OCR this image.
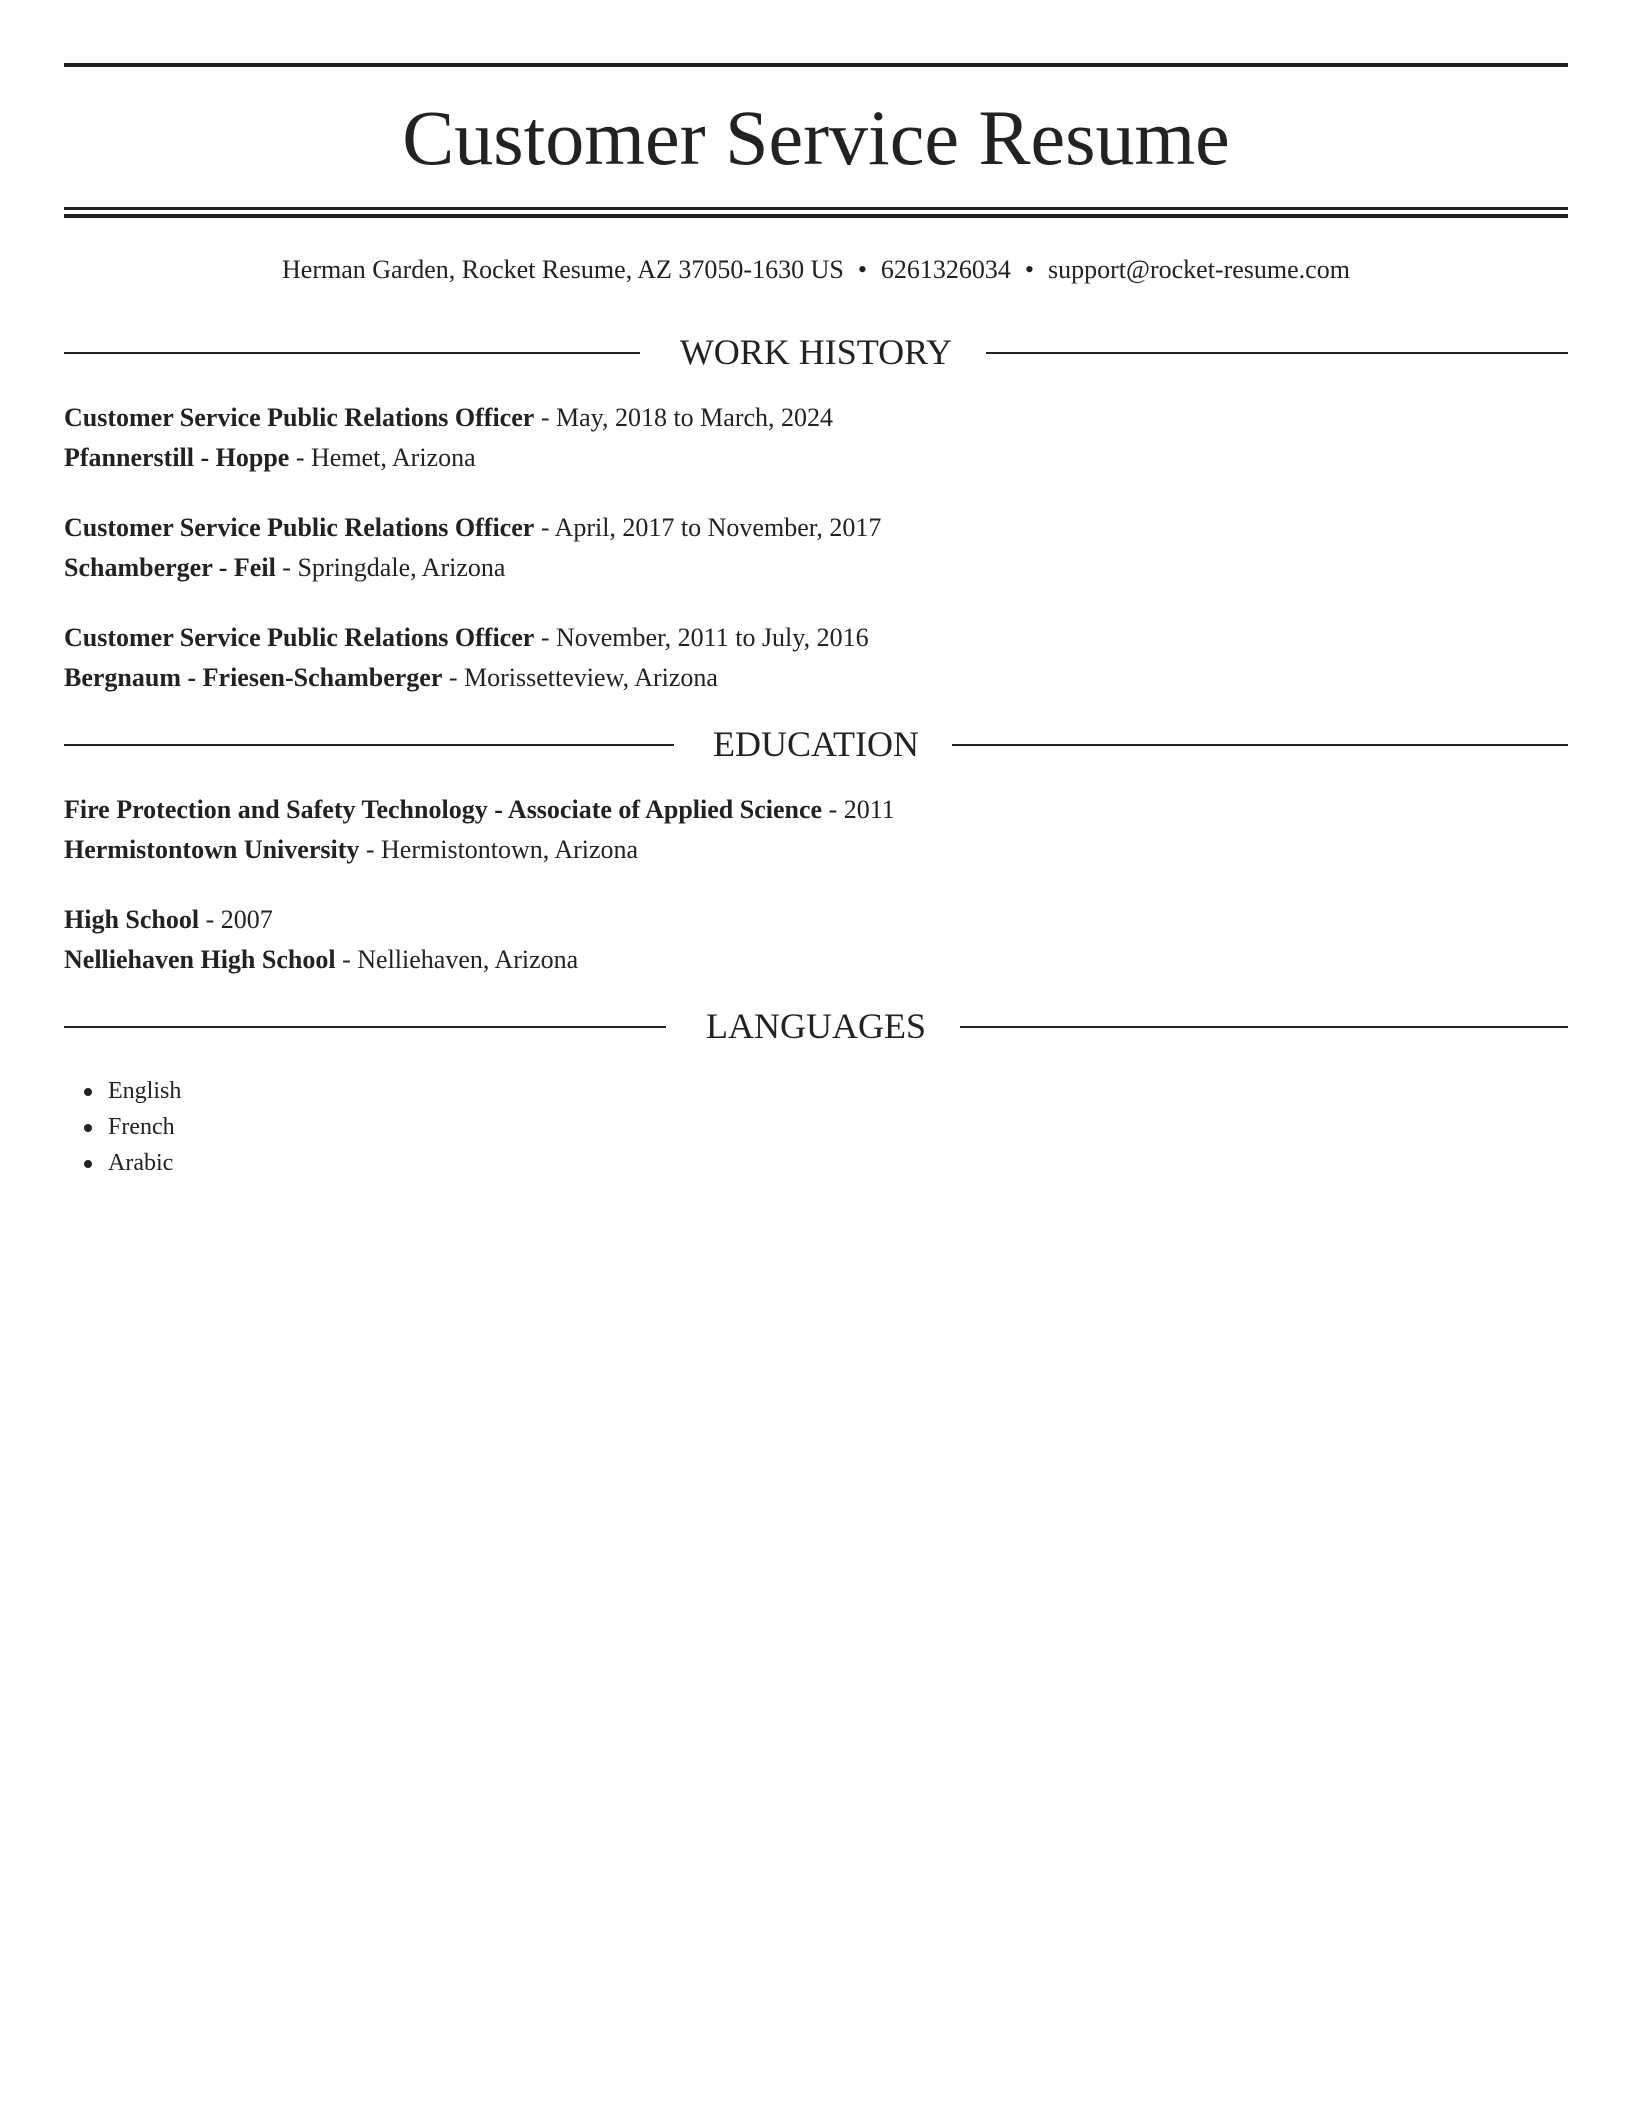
Customer Service Resume
Herman Garden, Rocket Resume, AZ 37050-1630 US • 6261326034 • support@rocket-resume.com
WORK HISTORY
Customer Service Public Relations Officer - May, 2018 to March, 2024
Pfannerstill - Hoppe - Hemet, Arizona
Customer Service Public Relations Officer - April, 2017 to November, 2017
Schamberger - Feil - Springdale, Arizona
Customer Service Public Relations Officer - November, 2011 to July, 2016
Bergnaum - Friesen-Schamberger - Morissetteview, Arizona
EDUCATION
Fire Protection and Safety Technology - Associate of Applied Science - 2011
Hermistontown University - Hermistontown, Arizona
High School - 2007
Nelliehaven High School - Nelliehaven, Arizona
LANGUAGES
English
French
Arabic
